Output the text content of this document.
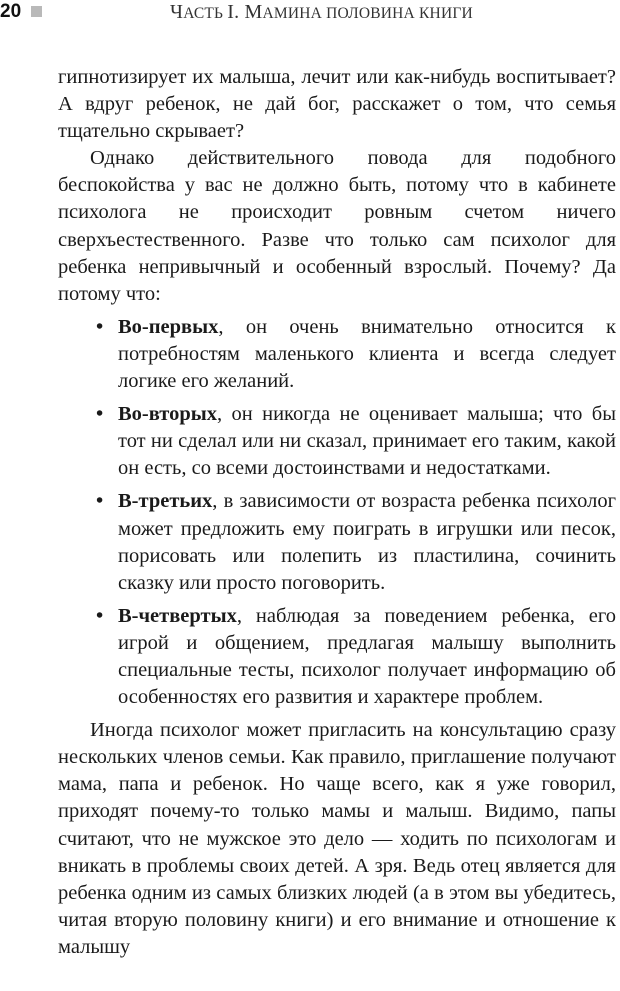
20	ЧАСТЬ I. МАМИНА ПОЛОВИНА КНИГИ

гипнотизирует их малыша, лечит или как-нибудь воспитывает? А вдруг ребенок, не дай бог, расскажет о том, что семья тщательно скрывает?

Однако действительного повода для подобного беспокойства у вас не должно быть, потому что в кабинете психолога не происходит ровным счетом ничего сверхъестественного. Разве что только сам психолог для ребенка непривычный и особенный взрослый. Почему? Да потому что:

• Во-первых, он очень внимательно относится к потребностям маленького клиента и всегда следует логике его желаний.
• Во-вторых, он никогда не оценивает малыша; что бы тот ни сделал или ни сказал, принимает его таким, какой он есть, со всеми достоинствами и недостатками.
• В-третьих, в зависимости от возраста ребенка психолог может предложить ему поиграть в игрушки или песок, порисовать или полепить из пластилина, сочинить сказку или просто поговорить.
• В-четвертых, наблюдая за поведением ребенка, его игрой и общением, предлагая малышу выполнить специальные тесты, психолог получает информацию об особенностях его развития и характере проблем.

Иногда психолог может пригласить на консультацию сразу нескольких членов семьи. Как правило, приглашение получают мама, папа и ребенок. Но чаще всего, как я уже говорил, приходят почему-то только мамы и малыш. Видимо, папы считают, что не мужское это дело — ходить по психологам и вникать в проблемы своих детей. А зря. Ведь отец является для ребенка одним из самых близких людей (а в этом вы убедитесь, читая вторую половину книги) и его внимание и отношение к малышу
